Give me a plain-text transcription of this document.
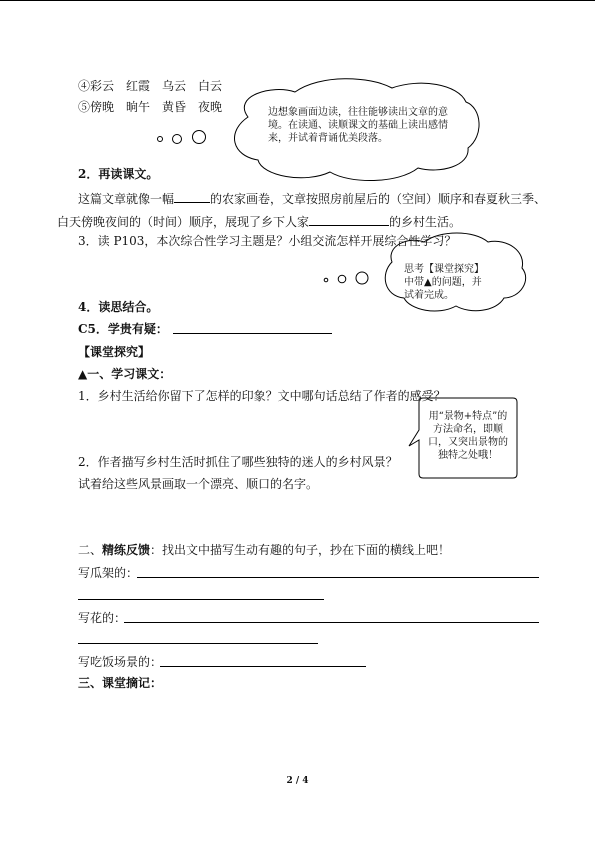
④彩云　红霞　乌云　白云
⑤傍晚　晌午　黄昏　夜晚	边想象画面边读，往往能够读出文章的意境。在读通、读顺课文的基础上读出感情来，并试着背诵优美段落。
2．再读课文。
这篇文章就像一幅	的农家画卷，文章按照房前屋后的（空间）顺序和春夏秋三季、
白天傍晚夜间的（时间）顺序，展现了乡下人家	的乡村生活。
3．读 P103，本次综合性学习主题是？小组交流怎样开展综合性学习？
思考【课堂探究】中带▲的问题，并试着完成。
4．读思结合。
C5．学贵有疑：
【课堂探究】
▲一、学习课文：
1．乡村生活给你留下了怎样的印象？文中哪句话总结了作者的感受？
用“景物+特点”的方法命名，即顺口，又突出景物的独特之处哦！
2．作者描写乡村生活时抓住了哪些独特的迷人的乡村风景？
试着给这些风景画取一个漂亮、顺口的名字。
二、精练反馈：找出文中描写生动有趣的句子，抄在下面的横线上吧！
写瓜架的：
写花的：
写吃饭场景的：
三、课堂摘记：
2 / 4
